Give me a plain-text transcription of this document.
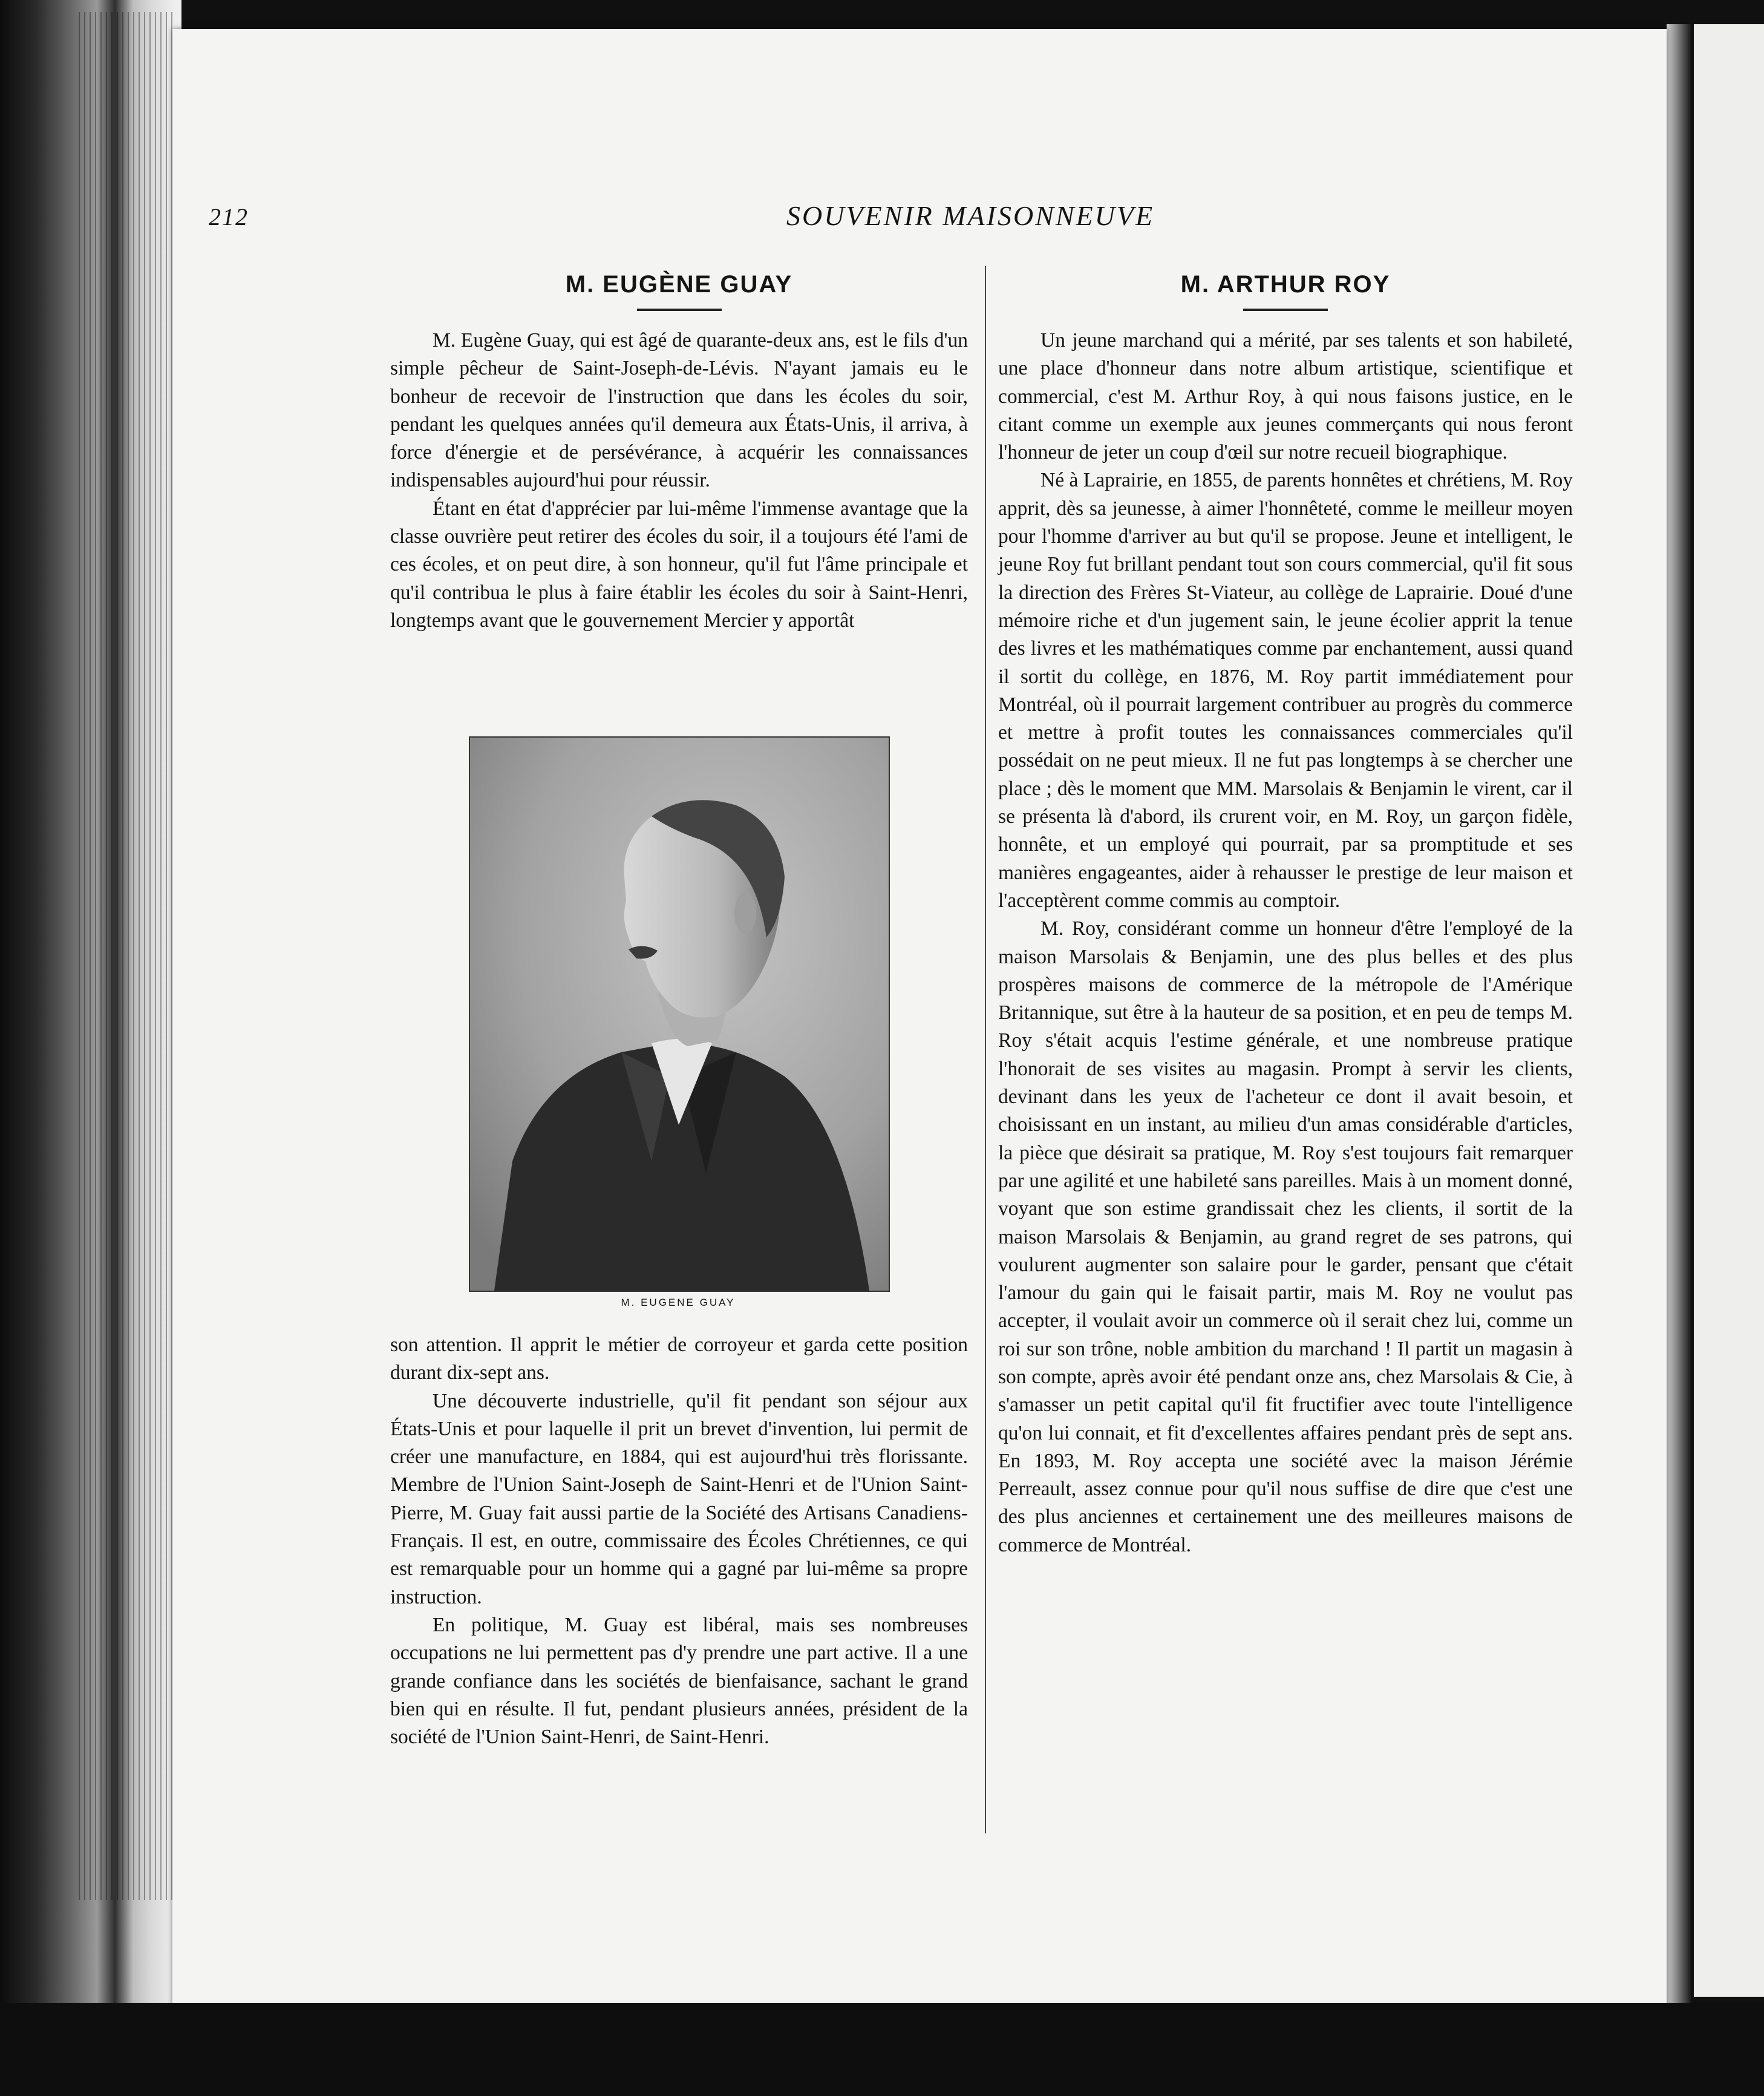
212	SOUVENIR MAISONNEUVE
M. EUGÈNE GUAY

M. Eugène Guay, qui est âgé de quarante-deux ans, est le fils d'un simple pêcheur de Saint-Joseph-de-Lévis. N'ayant jamais eu le bonheur de recevoir de l'instruction que dans les écoles du soir, pendant les quelques années qu'il demeura aux États-Unis, il arriva, à force d'énergie et de persévérance, à acquérir les connaissances indispensables aujourd'hui pour réussir.

Étant en état d'apprécier par lui-même l'immense avantage que la classe ouvrière peut retirer des écoles du soir, il a toujours été l'ami de ces écoles, et on peut dire, à son honneur, qu'il fut l'âme principale et qu'il contribua le plus à faire établir les écoles du soir à Saint-Henri, longtemps avant que le gouvernement Mercier y apportât

M. EUGENE GUAY

son attention. Il apprit le métier de corroyeur et garda cette position durant dix-sept ans.

Une découverte industrielle, qu'il fit pendant son séjour aux États-Unis et pour laquelle il prit un brevet d'invention, lui permit de créer une manufacture, en 1884, qui est aujourd'hui très florissante. Membre de l'Union Saint-Joseph de Saint-Henri et de l'Union Saint-Pierre, M. Guay fait aussi partie de la Société des Artisans Canadiens-Français. Il est, en outre, commissaire des Écoles Chrétiennes, ce qui est remarquable pour un homme qui a gagné par lui-même sa propre instruction.

En politique, M. Guay est libéral, mais ses nombreuses occupations ne lui permettent pas d'y prendre une part active. Il a une grande confiance dans les sociétés de bienfaisance, sachant le grand bien qui en résulte. Il fut, pendant plusieurs années, président de la société de l'Union Saint-Henri, de Saint-Henri.

M. ARTHUR ROY

Un jeune marchand qui a mérité, par ses talents et son habileté, une place d'honneur dans notre album artistique, scientifique et commercial, c'est M. Arthur Roy, à qui nous faisons justice, en le citant comme un exemple aux jeunes commerçants qui nous feront l'honneur de jeter un coup d'œil sur notre recueil biographique.

Né à Laprairie, en 1855, de parents honnêtes et chrétiens, M. Roy apprit, dès sa jeunesse, à aimer l'honnêteté, comme le meilleur moyen pour l'homme d'arriver au but qu'il se propose. Jeune et intelligent, le jeune Roy fut brillant pendant tout son cours commercial, qu'il fit sous la direction des Frères St-Viateur, au collège de Laprairie. Doué d'une mémoire riche et d'un jugement sain, le jeune écolier apprit la tenue des livres et les mathématiques comme par enchantement, aussi quand il sortit du collège, en 1876, M. Roy partit immédiatement pour Montréal, où il pourrait largement contribuer au progrès du commerce et mettre à profit toutes les connaissances commerciales qu'il possédait on ne peut mieux. Il ne fut pas longtemps à se chercher une place ; dès le moment que MM. Marsolais & Benjamin le virent, car il se présenta là d'abord, ils crurent voir, en M. Roy, un garçon fidèle, honnête, et un employé qui pourrait, par sa promptitude et ses manières engageantes, aider à rehausser le prestige de leur maison et l'acceptèrent comme commis au comptoir.

M. Roy, considérant comme un honneur d'être l'employé de la maison Marsolais & Benjamin, une des plus belles et des plus prospères maisons de commerce de la métropole de l'Amérique Britannique, sut être à la hauteur de sa position, et en peu de temps M. Roy s'était acquis l'estime générale, et une nombreuse pratique l'honorait de ses visites au magasin. Prompt à servir les clients, devinant dans les yeux de l'acheteur ce dont il avait besoin, et choisissant en un instant, au milieu d'un amas considérable d'articles, la pièce que désirait sa pratique, M. Roy s'est toujours fait remarquer par une agilité et une habileté sans pareilles. Mais à un moment donné, voyant que son estime grandissait chez les clients, il sortit de la maison Marsolais & Benjamin, au grand regret de ses patrons, qui voulurent augmenter son salaire pour le garder, pensant que c'était l'amour du gain qui le faisait partir, mais M. Roy ne voulut pas accepter, il voulait avoir un commerce où il serait chez lui, comme un roi sur son trône, noble ambition du marchand ! Il partit un magasin à son compte, après avoir été pendant onze ans, chez Marsolais & Cie, à s'amasser un petit capital qu'il fit fructifier avec toute l'intelligence qu'on lui connait, et fit d'excellentes affaires pendant près de sept ans. En 1893, M. Roy accepta une société avec la maison Jérémie Perreault, assez connue pour qu'il nous suffise de dire que c'est une des plus anciennes et certainement une des meilleures maisons de commerce de Montréal.
